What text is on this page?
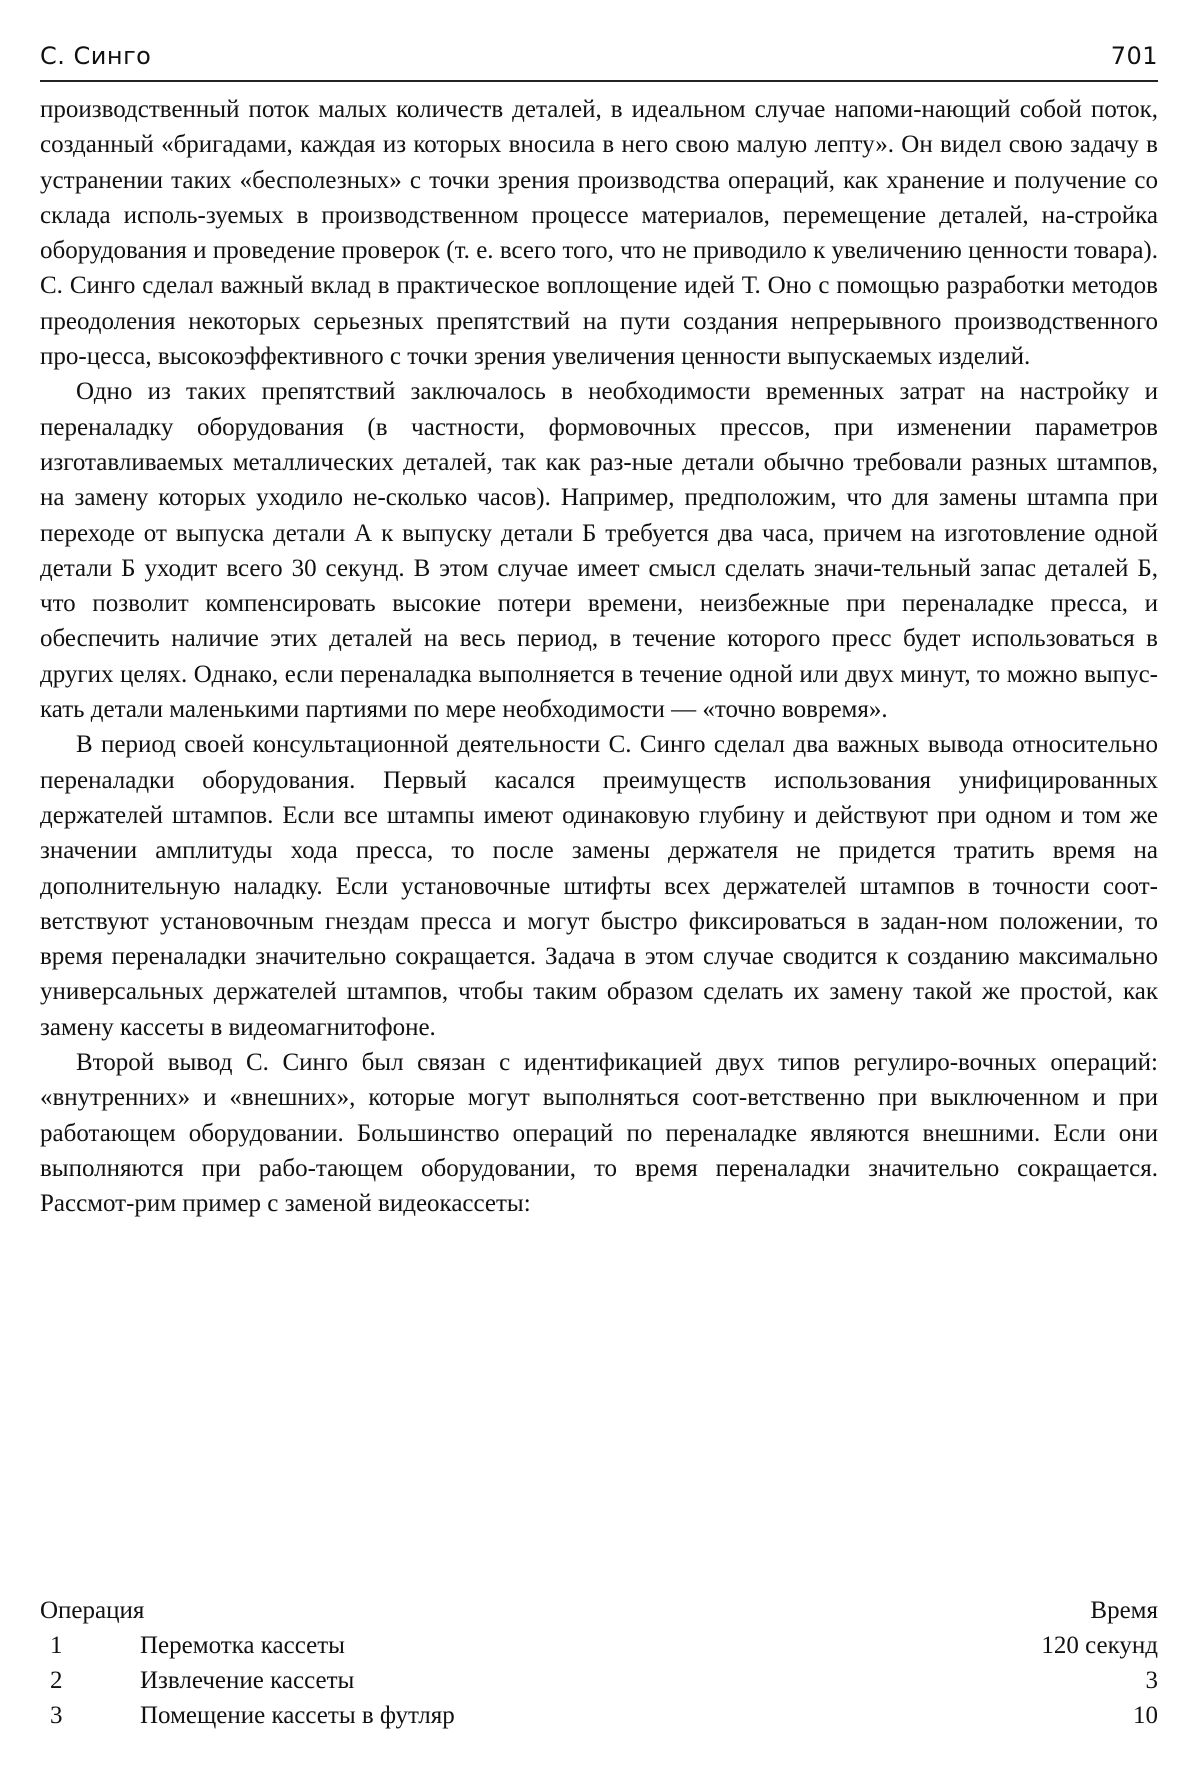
С. Синго	701

производственный поток малых количеств деталей, в идеальном случае напоми-нающий собой поток, созданный «бригадами, каждая из которых вносила в него свою малую лепту». Он видел свою задачу в устранении таких «бесполезных» с точки зрения производства операций, как хранение и получение со склада исполь-зуемых в производственном процессе материалов, перемещение деталей, на-стройка оборудования и проведение проверок (т. е. всего того, что не приводило к увеличению ценности товара). С. Синго сделал важный вклад в практическое воплощение идей Т. Оно с помощью разработки методов преодоления некоторых серьезных препятствий на пути создания непрерывного производственного про-цесса, высокоэффективного с точки зрения увеличения ценности выпускаемых изделий.

Одно из таких препятствий заключалось в необходимости временных затрат на настройку и переналадку оборудования (в частности, формовочных прессов, при изменении параметров изготавливаемых металлических деталей, так как раз-ные детали обычно требовали разных штампов, на замену которых уходило не-сколько часов). Например, предположим, что для замены штампа при переходе от выпуска детали А к выпуску детали Б требуется два часа, причем на изготовление одной детали Б уходит всего 30 секунд. В этом случае имеет смысл сделать значи-тельный запас деталей Б, что позволит компенсировать высокие потери времени, неизбежные при переналадке пресса, и обеспечить наличие этих деталей на весь период, в течение которого пресс будет использоваться в других целях. Однако, если переналадка выполняется в течение одной или двух минут, то можно выпус-кать детали маленькими партиями по мере необходимости — «точно вовремя».

В период своей консультационной деятельности С. Синго сделал два важных вывода относительно переналадки оборудования. Первый касался преимуществ использования унифицированных держателей штампов. Если все штампы имеют одинаковую глубину и действуют при одном и том же значении амплитуды хода пресса, то после замены держателя не придется тратить время на дополнительную наладку. Если установочные штифты всех держателей штампов в точности соот-ветствуют установочным гнездам пресса и могут быстро фиксироваться в задан-ном положении, то время переналадки значительно сокращается. Задача в этом случае сводится к созданию максимально универсальных держателей штампов, чтобы таким образом сделать их замену такой же простой, как замену кассеты в видеомагнитофоне.

Второй вывод С. Синго был связан с идентификацией двух типов регулиро-вочных операций: «внутренних» и «внешних», которые могут выполняться соот-ветственно при выключенном и при работающем оборудовании. Большинство операций по переналадке являются внешними. Если они выполняются при рабо-тающем оборудовании, то время переналадки значительно сокращается. Рассмот-рим пример с заменой видеокассеты:

Операция	Время
1	Перемотка кассеты	120 секунд
2	Извлечение кассеты	3
3	Помещение кассеты в футляр	10
